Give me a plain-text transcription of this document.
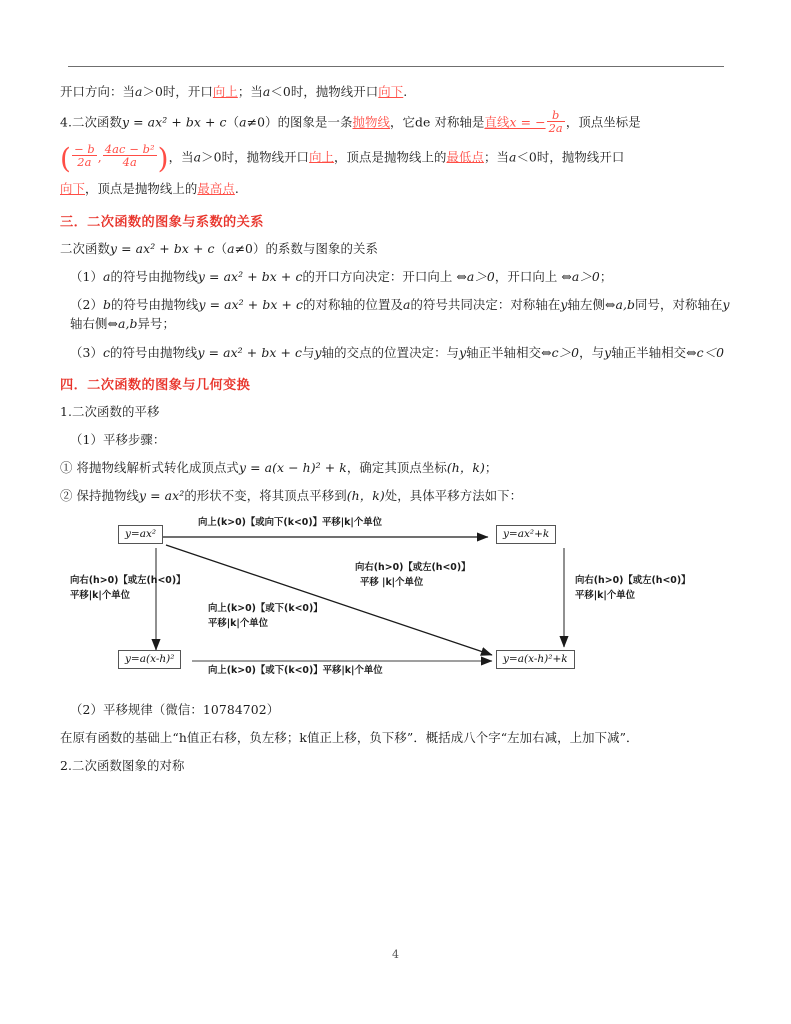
开口方向：当a＞0时，开口向上；当a＜0时，抛物线开口向下.

4.二次函数y = ax² + bx + c（a≠0）的图象是一条抛物线，它de 对称轴是直线x = − $\frac{b}{2a}$ ，顶点坐标是

( $\frac{- b}{2a}$ , $\frac{\text{4ac − b²}}{4a}$ )，当a＞0时，抛物线开口向上，顶点是抛物线上的最低点；当a＜0时，抛物线开口

向下，顶点是抛物线上的最高点.

三．二次函数的图象与系数的关系

二次函数y = ax² + bx + c（a≠0）的系数与图象的关系

（1）a的符号由抛物线y = ax² + bx + c的开口方向决定：开口向上 ⇔a＞0，开口向上 ⇔a＞0；

（2）b的符号由抛物线y = ax² + bx + c的对称轴的位置及a的符号共同决定：对称轴在y轴左侧⇔a,b同号，对称轴在y轴右侧⇔a,b异号；

（3）c的符号由抛物线y = ax² + bx + c与y轴的交点的位置决定：与y轴正半轴相交⇔c＞0，与y轴正半轴相交⇔c＜0

四．二次函数的图象与几何变换

1.二次函数的平移

（1）平移步骤：

① 将抛物线解析式转化成顶点式y = a(x − h)² + k，确定其顶点坐标(h，k)；

② 保持抛物线y = ax²的形状不变，将其顶点平移到(h，k)处，具体平移方法如下：

y=ax²	y=ax²+k
y=a(x-h)²	y=a(x-h)²+k
向上(k>0)【或向下(k<0)】平移|k|个单位
向右(h>0)【或左(h<0)】
平移|k|个单位
向右(h>0)【或左(h<0)】
平移|k|个单位
向右(h>0)【或左(h<0)】
平移 |k|个单位
向上(k>0)【或下(k<0)】
平移|k|个单位
向上(k>0)【或下(k<0)】平移|k|个单位

（2）平移规律（微信：10784702）

在原有函数的基础上“h值正右移，负左移；k值正上移，负下移”．概括成八个字“左加右减，上加下减”．

2.二次函数图象的对称

4
